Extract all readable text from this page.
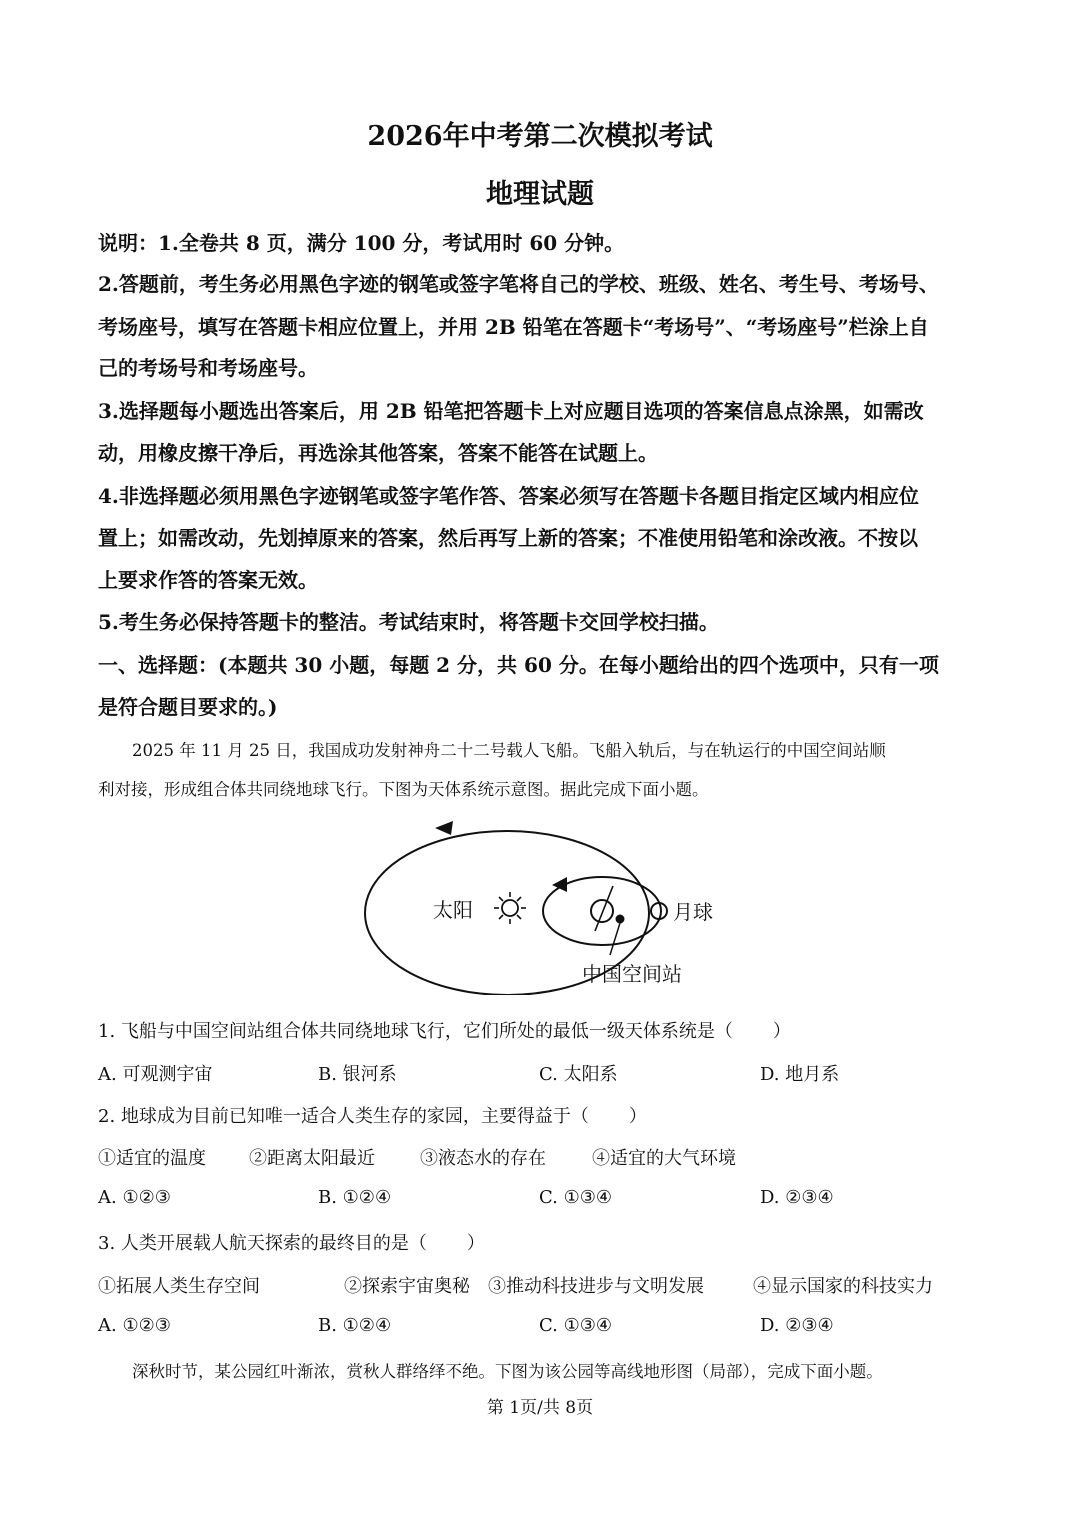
2026年中考第二次模拟考试
地理试题
说明：1.全卷共 8 页，满分 100 分，考试用时 60 分钟。
2.答题前，考生务必用黑色字迹的钢笔或签字笔将自己的学校、班级、姓名、考生号、考场号、
考场座号，填写在答题卡相应位置上，并用 2B 铅笔在答题卡“考场号”、“考场座号”栏涂上自
己的考场号和考场座号。
3.选择题每小题选出答案后，用 2B 铅笔把答题卡上对应题目选项的答案信息点涂黑，如需改
动，用橡皮擦干净后，再选涂其他答案，答案不能答在试题上。
4.非选择题必须用黑色字迹钢笔或签字笔作答、答案必须写在答题卡各题目指定区域内相应位
置上；如需改动，先划掉原来的答案，然后再写上新的答案；不准使用铅笔和涂改液。不按以
上要求作答的答案无效。
5.考生务必保持答题卡的整洁。考试结束时，将答题卡交回学校扫描。
一、选择题：(本题共 30 小题，每题 2 分，共 60 分。在每小题给出的四个选项中，只有一项
是符合题目要求的。)
2025 年 11 月 25 日，我国成功发射神舟二十二号载人飞船。飞船入轨后，与在轨运行的中国空间站顺
利对接，形成组合体共同绕地球飞行。下图为天体系统示意图。据此完成下面小题。
太阳	月球
中国空间站
1. 飞船与中国空间站组合体共同绕地球飞行，它们所处的最低一级天体系统是（ ）
A. 可观测宇宙	B. 银河系	C. 太阳系	D. 地月系
2. 地球成为目前已知唯一适合人类生存的家园，主要得益于（ ）
①适宜的温度 ②距离太阳最近	③液态水的存在	④适宜的大气环境
A. ①②③	B. ①②④	C. ①③④	D. ②③④
3. 人类开展载人航天探索的最终目的是（ ）
①拓展人类生存空间	②探索宇宙奥秘 ③推动科技进步与文明发展	④显示国家的科技实力
A. ①②③	B. ①②④	C. ①③④	D. ②③④
深秋时节，某公园红叶渐浓，赏秋人群络绎不绝。下图为该公园等高线地形图（局部），完成下面小题。
第 1页/共 8页
